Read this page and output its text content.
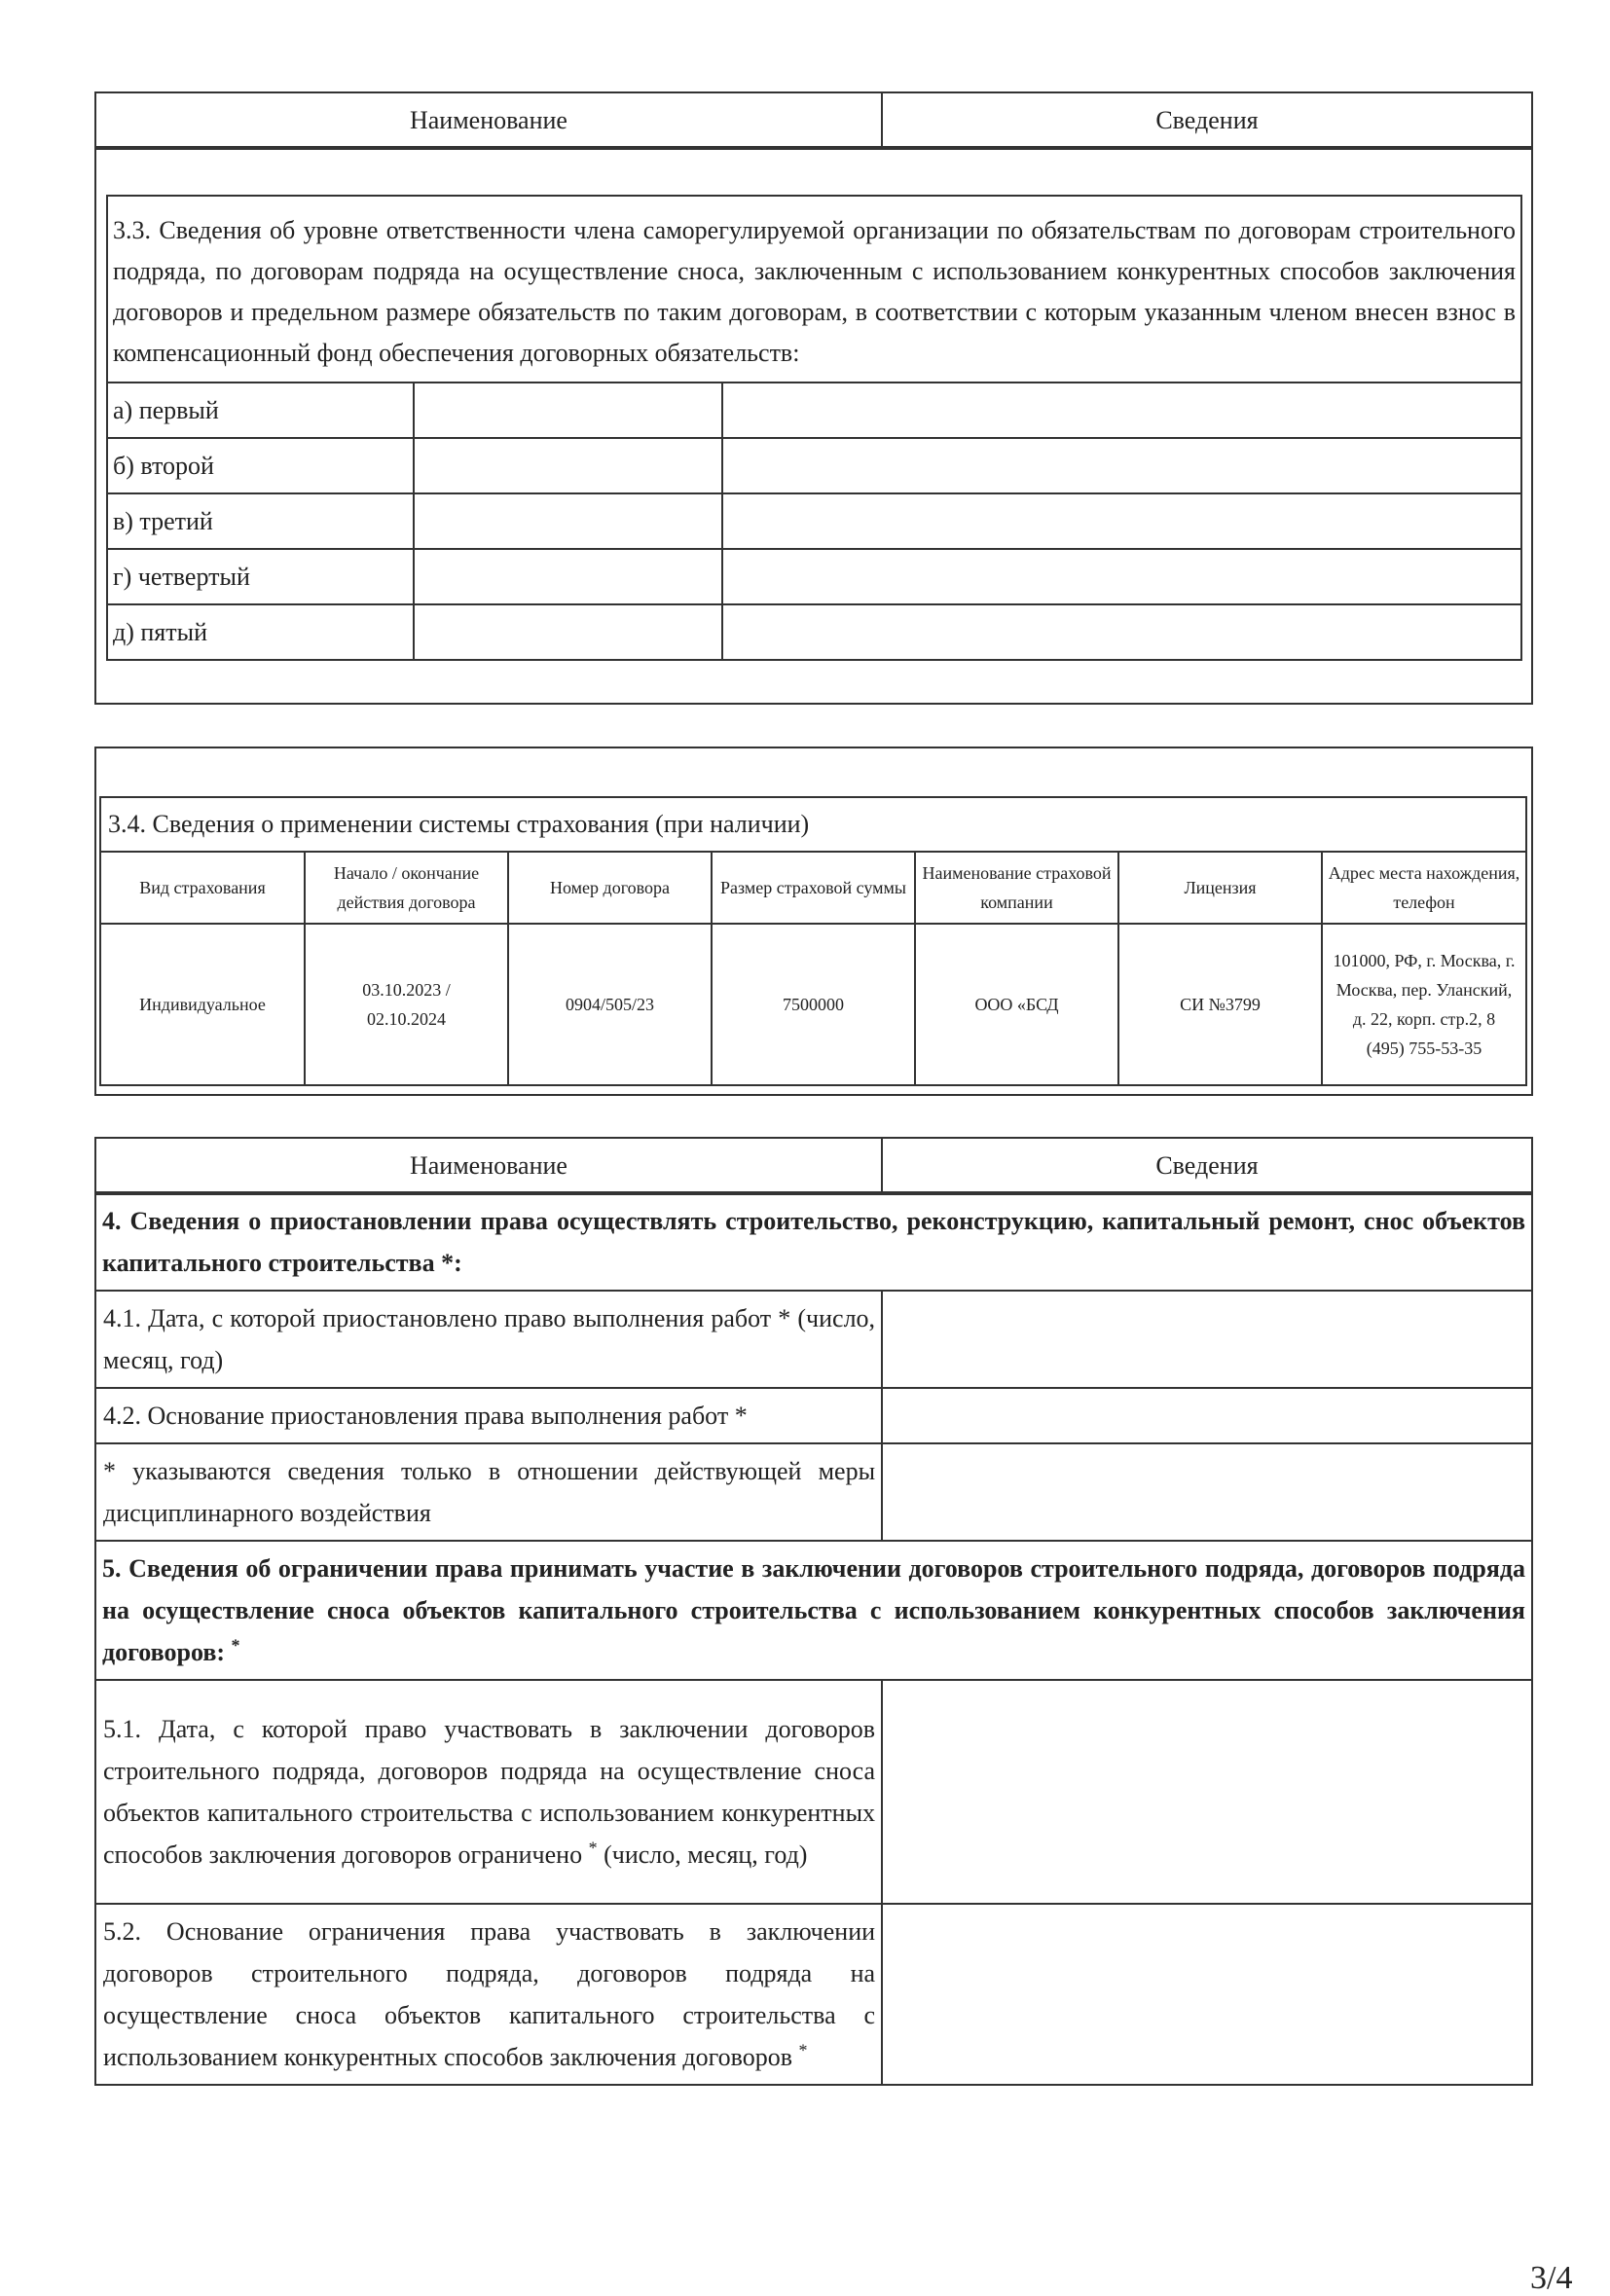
Наименование	Сведения
3.3. Сведения об уровне ответственности члена саморегулируемой организации по обязательствам по договорам строительного подряда, по договорам подряда на осуществление сноса, заключенным с использованием конкурентных способов заключения договоров и предельном размере обязательств по таким договорам, в соответствии с которым указанным членом внесен взнос в компенсационный фонд обеспечения договорных обязательств:		
а) первый		
б) второй		
в) третий		
г) четвертый		
д) пятый		
3.4. Сведения о применении системы страхования (при наличии)						
Вид страхования	Начало / окончание действия договора	Номер договора	Размер страховой суммы	Наименование страховой компании	Лицензия	Адрес места нахождения, телефон
Индивидуальное	03.10.2023 / 02.10.2024	0904/505/23	7500000	ООО «БСД	СИ №3799	101000, РФ, г. Москва, г. Москва, пер. Уланский, д. 22, корп. стр.2, 8 (495) 755-53-35
Наименование	Сведения
4. Сведения о приостановлении права осуществлять строительство, реконструкцию, капитальный ремонт, снос объектов капитального строительства *:	
4.1. Дата, с которой приостановлено право выполнения работ * (число, месяц, год)	
4.2. Основание приостановления права выполнения работ *	
* указываются сведения только в отношении действующей меры дисциплинарного воздействия	
5. Сведения об ограничении права принимать участие в заключении договоров строительного подряда, договоров подряда на осуществление сноса объектов капитального строительства с использованием конкурентных способов заключения договоров: *
5.1. Дата, с которой право участвовать в заключении договоров строительного подряда, договоров подряда на осуществление сноса объектов капитального строительства с использованием конкурентных способов заключения договоров ограничено * (число, месяц, год)	
5.2. Основание ограничения права участвовать в заключении договоров строительного подряда, договоров подряда на осуществление сноса объектов капитального строительства с использованием конкурентных способов заключения договоров *	
3/4
